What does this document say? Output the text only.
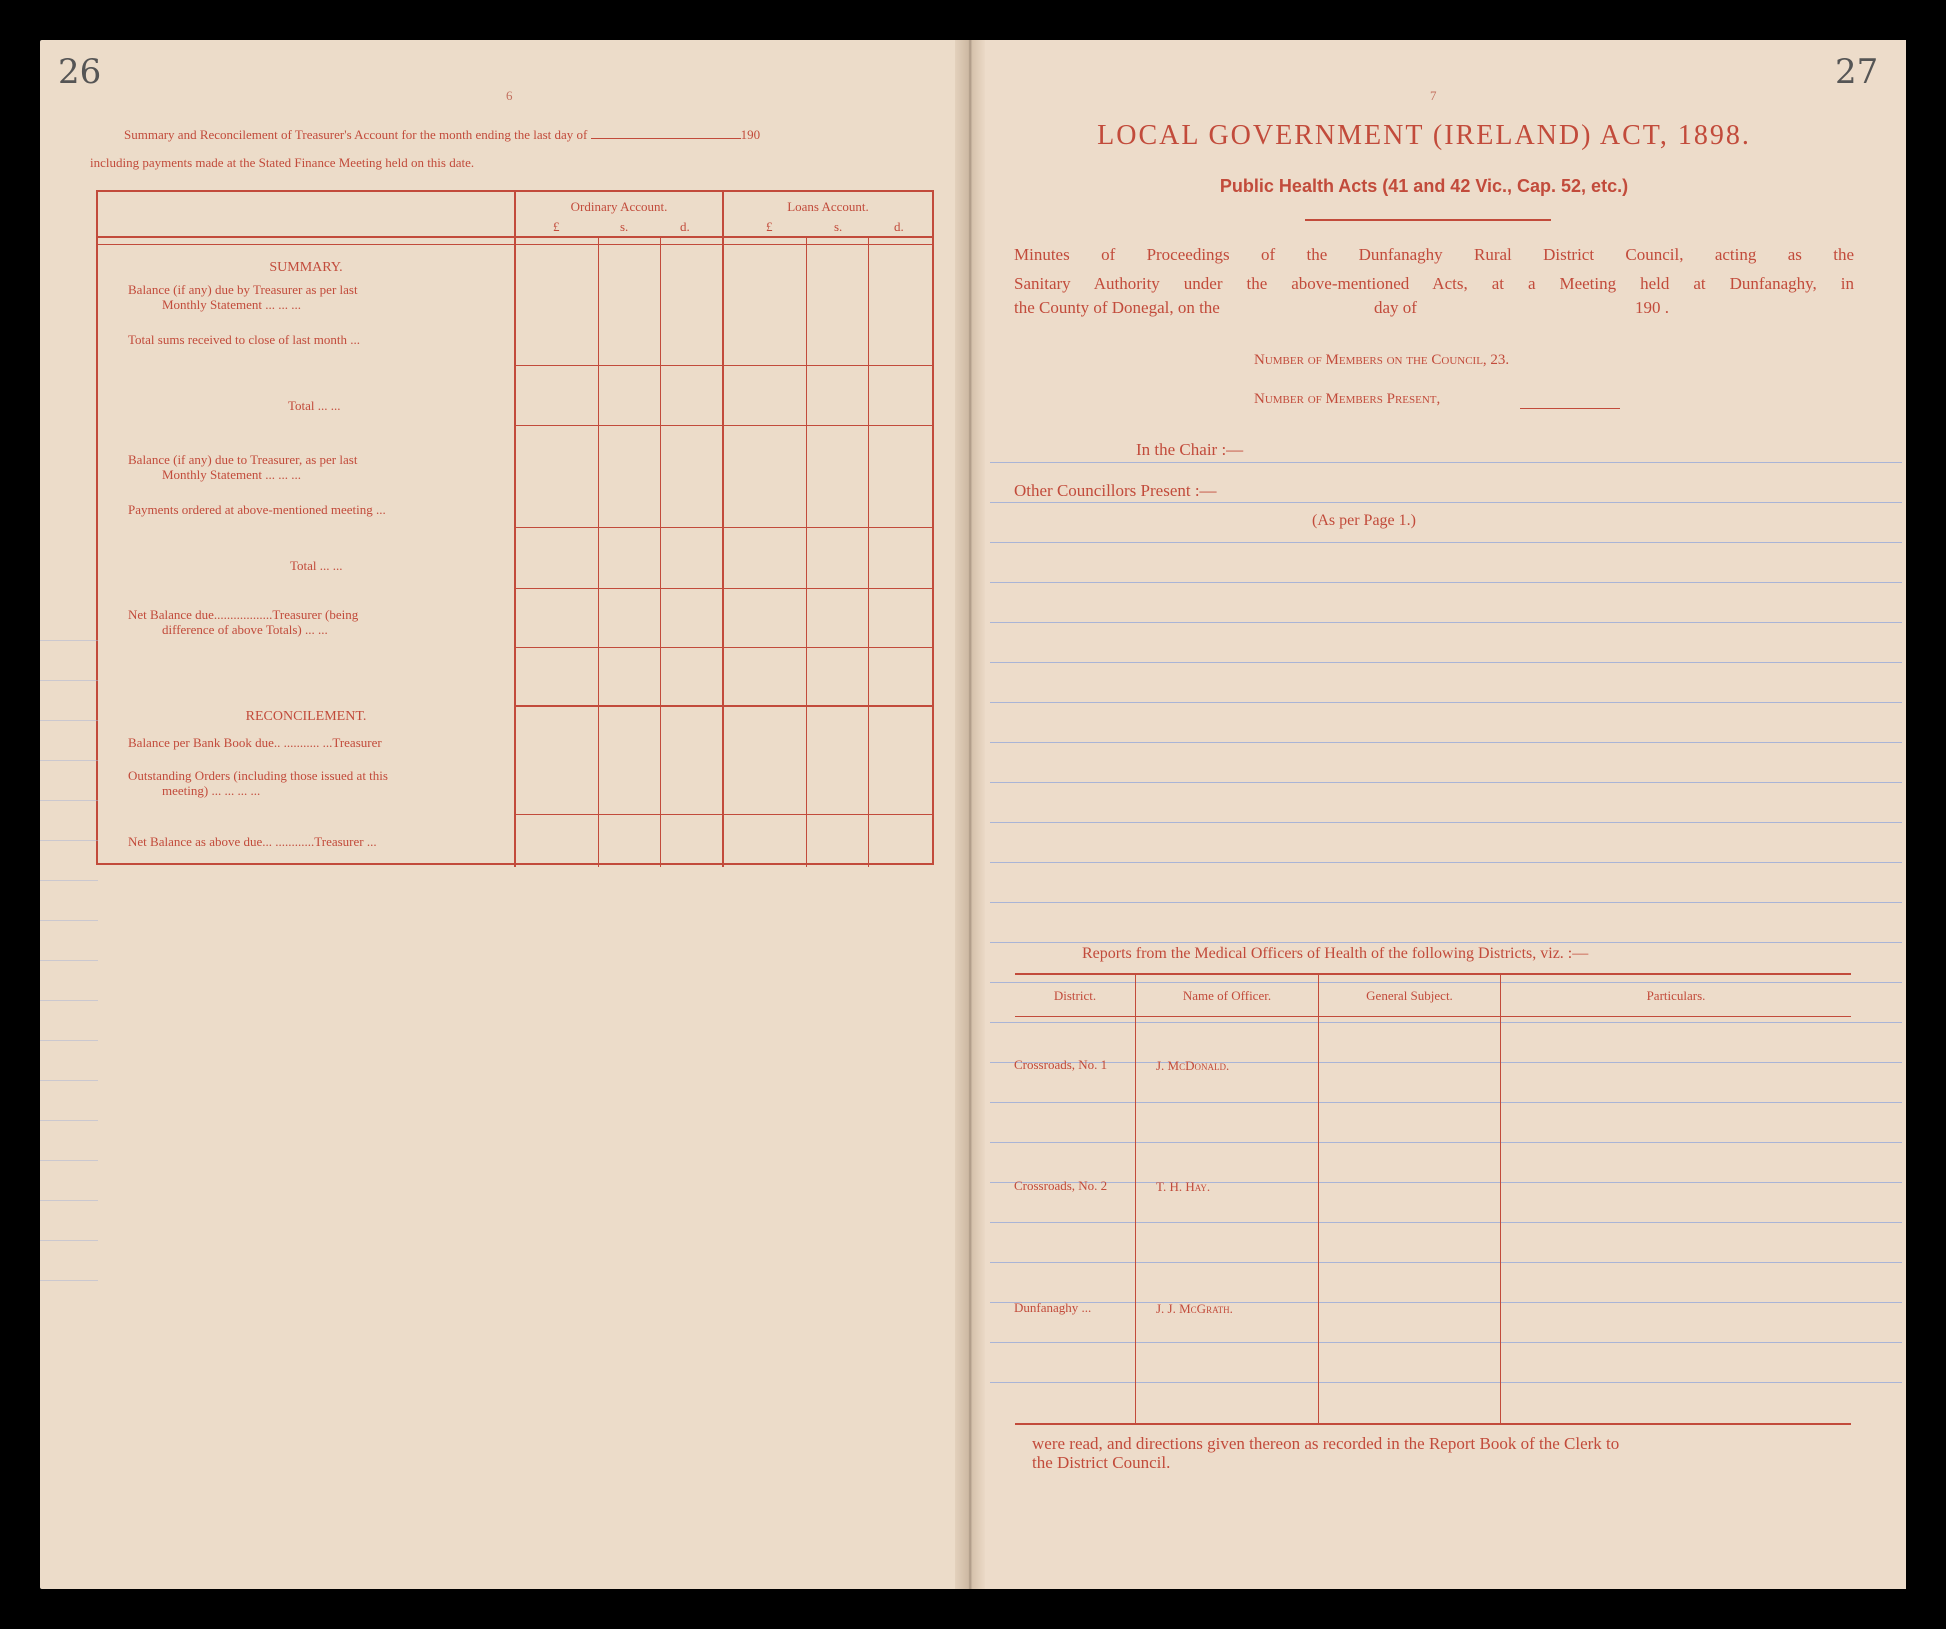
26
6
Summary and Reconcilement of Treasurer's Account for the month ending the last day of	190
including payments made at the Stated Finance Meeting held on this date.
Ordinary Account.	Loans Account.
£	s.	d.	£	s.	d.
SUMMARY.
Balance (if any) due by Treasurer as per last
Monthly Statement ... ... ...
Total sums received to close of last month ...
Total ... ...
Balance (if any) due to Treasurer, as per last
Monthly Statement ... ... ...
Payments ordered at above-mentioned meeting ...
Total ... ...
Net Balance due..................Treasurer (being
difference of above Totals) ... ...
RECONCILEMENT.
Balance per Bank Book due.. ........... ...Treasurer
Outstanding Orders (including those issued at this
meeting) ... ... ... ...
Net Balance as above due... ............Treasurer ...
27
7
LOCAL GOVERNMENT (IRELAND) ACT, 1898.
Public Health Acts (41 and 42 Vic., Cap. 52, etc.)
Minutes of Proceedings of the Dunfanaghy Rural District Council, acting as the
Sanitary Authority under the above-mentioned Acts, at a Meeting held at Dunfanaghy, in
the County of Donegal, on the	day of	190 .
Number of Members on the Council, 23.
Number of Members Present,
In the Chair :—
Other Councillors Present :—
(As per Page 1.)
Reports from the Medical Officers of Health of the following Districts, viz. :—
District.	Name of Officer.	General Subject.	Particulars.
Crossroads, No. 1	J. McDonald.
Crossroads, No. 2	T. H. Hay.
Dunfanaghy ...	J. J. McGrath.
were read, and directions given thereon as recorded in the Report Book of the Clerk to
the District Council.
